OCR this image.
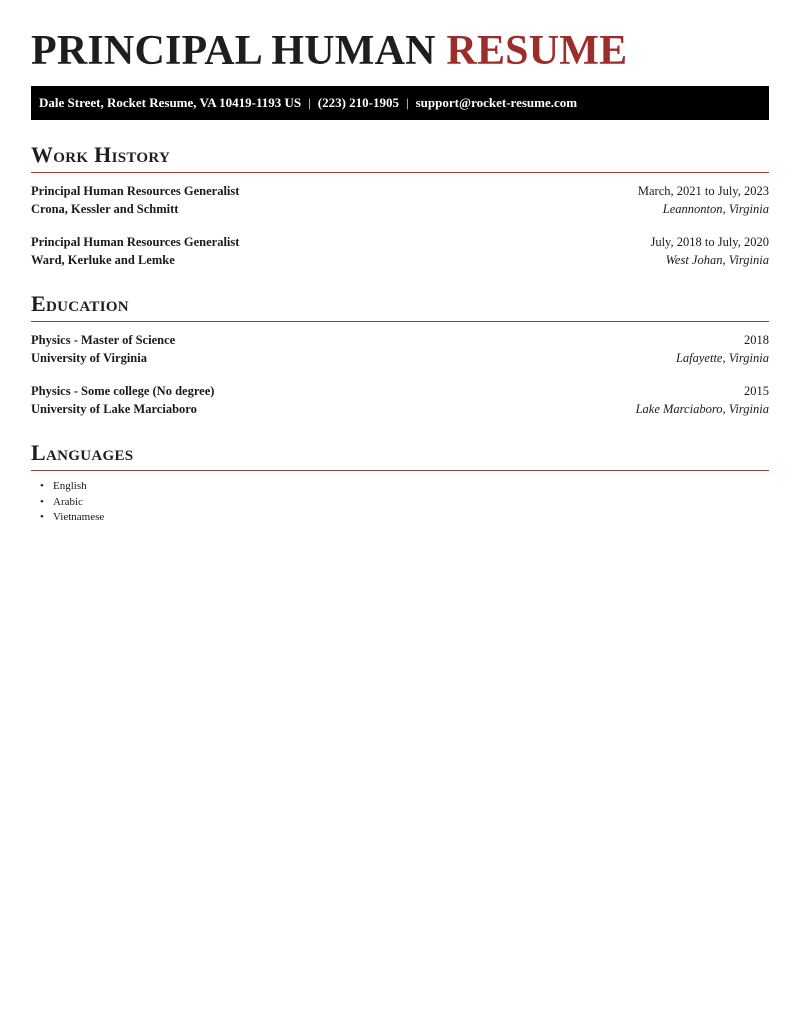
PRINCIPAL HUMAN RESUME
Dale Street, Rocket Resume, VA 10419-1193 US | (223) 210-1905 | support@rocket-resume.com
Work History
Principal Human Resources Generalist	March, 2021 to July, 2023
Crona, Kessler and Schmitt	Leannonton, Virginia
Principal Human Resources Generalist	July, 2018 to July, 2020
Ward, Kerluke and Lemke	West Johan, Virginia
Education
Physics - Master of Science	2018
University of Virginia	Lafayette, Virginia
Physics - Some college (No degree)	2015
University of Lake Marciaboro	Lake Marciaboro, Virginia
Languages
• English
• Arabic
• Vietnamese
